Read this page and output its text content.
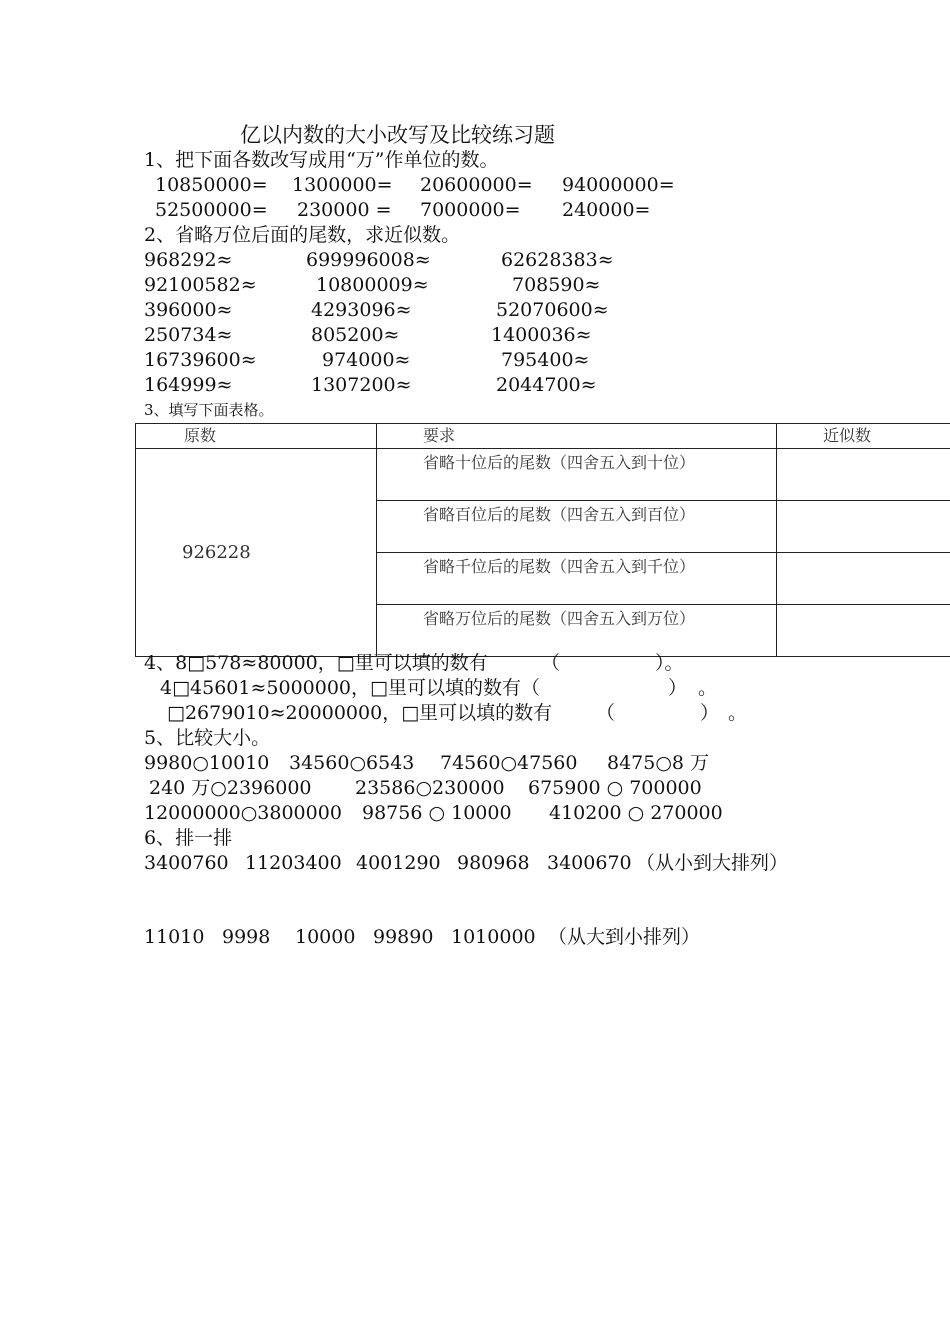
亿以内数的大小改写及比较练习题
1、把下面各数改写成用“万”作单位的数。
10850000= 1300000= 20600000= 94000000=
52500000= 230000 = 7000000= 240000=
2、省略万位后面的尾数，求近似数。
968292≈	699996008≈	62628383≈
92100582≈	10800009≈	708590≈
396000≈	4293096≈	52070600≈
250734≈	805200≈	1400036≈
16739600≈	974000≈	795400≈
164999≈	1307200≈	2044700≈
3、填写下面表格。
原数	要求	近似数
926228	省略十位后的尾数（四舍五入到十位）	
	省略百位后的尾数（四舍五入到百位）	
	省略千位后的尾数（四舍五入到千位）	
	省略万位后的尾数（四舍五入到万位）	
4、8□578≈80000，□里可以填的数有	（	）。
4□45601≈5000000，□里可以填的数有（	） 。
□2679010≈20000000，□里可以填的数有 （	） 。
5、比较大小。
9980○10010 34560○6543 74560○47560 8475○8 万
240 万○2396000 23586○230000 675900 ○ 700000
12000000○3800000 98756 ○ 10000 410200 ○ 270000
6、排一排
3400760 11203400 4001290 980968 3400670 （从小到大排列）
11010 9998 10000 99890 1010000 （从大到小排列）
